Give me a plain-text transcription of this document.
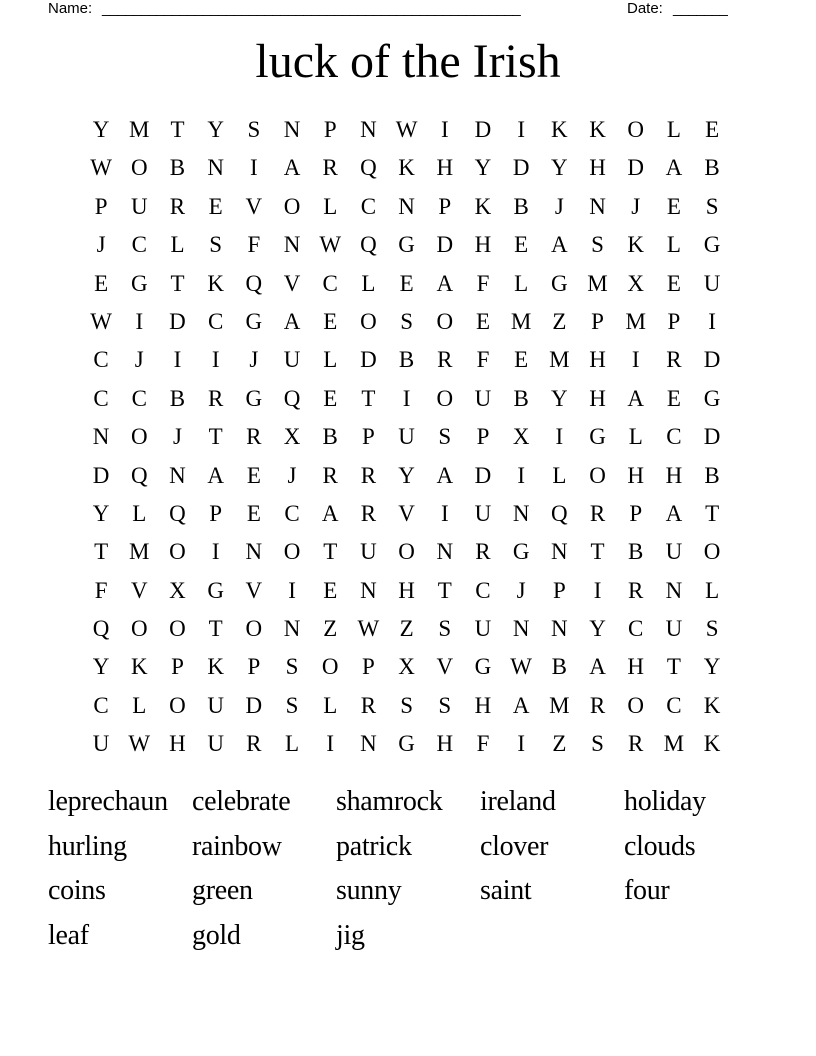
Name: ______________________________________________________	Date: _______
luck of the Irish
Y M T Y	S	N	P	N W	I	D	I	K K O L	E
W O B N	I	A R Q K H Y D Y H D A B
P	U R	E V O L	C N	P	K B	J	N	J	E	S
J	C	L	S	F	N W Q G D H E A	S	K L G
E G T K Q V C	L	E A	F	L G M X E U
W	I	D C G A E O	S	O E M Z	P M P	I
C	J	I	I	J	U L D B R	F	E M H	I	R D
C C B R G Q E	T	I	O U B Y H A E G
N O	J	T	R X B	P	U	S	P	X	I	G L	C D
D Q N A E	J	R R Y A D	I	L O H H B
Y L Q	P	E	C A R V	I	U N Q R	P	A T
T M O	I	N O T U O N R G N T	B U O
F	V X G V	I	E N H T	C	J	P	I	R N L
Q O O T O N Z W Z	S	U N N Y C U	S
Y K	P	K	P	S	O	P	X V G W B A H T Y
C	L O U D	S	L	R	S	S	H A M R O C K
U W H U R	L	I	N G H	F	I	Z	S	R M K
leprechaun celebrate	shamrock	ireland	holiday
hurling	rainbow	patrick	clover	clouds
coins	green	sunny	saint	four
leaf	gold	jig
